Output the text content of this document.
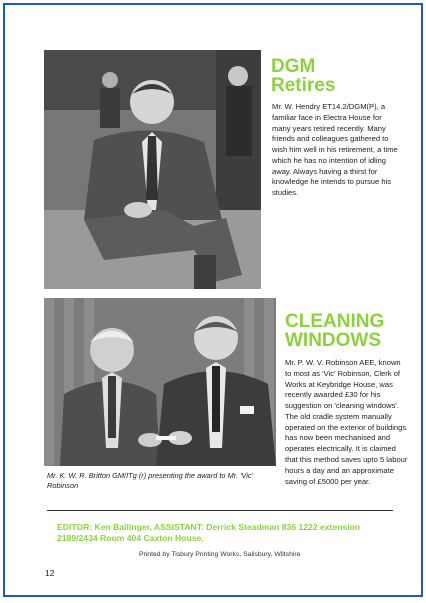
DGM
Retires

Mr. W. Hendry ET14.2/DGM(P), a familiar face in Electra House for many years retired recently. Many friends and colleagues gathered to wish him well in his retirement, a time which he has no intention of idling away. Always having a thirst for knowledge he intends to pursue his studies.

CLEANING
WINDOWS

Mr. P. W. V. Robinson AEE, known to most as 'Vic' Robinson, Clerk of Works at Keybridge House, was recently awarded £30 for his suggestion on 'cleaning windows'. The old cradle system manually operated on the exterior of buildings has now been mechanised and operates electrically. It is claimed that this method saves upto 5 labour hours a day and an approximate saving of £5000 per year.

Mr. K. W. R. Britton GM/ITg (r) presenting the award to Mr. 'Vic' Robinson

EDITOR: Ken Ballinger, ASSISTANT: Derrick Steadman 836 1222 extension 2189/2434 Room 404 Caxton House.

Printed by Tisbury Printing Works, Salisbury, Wiltshire

12
